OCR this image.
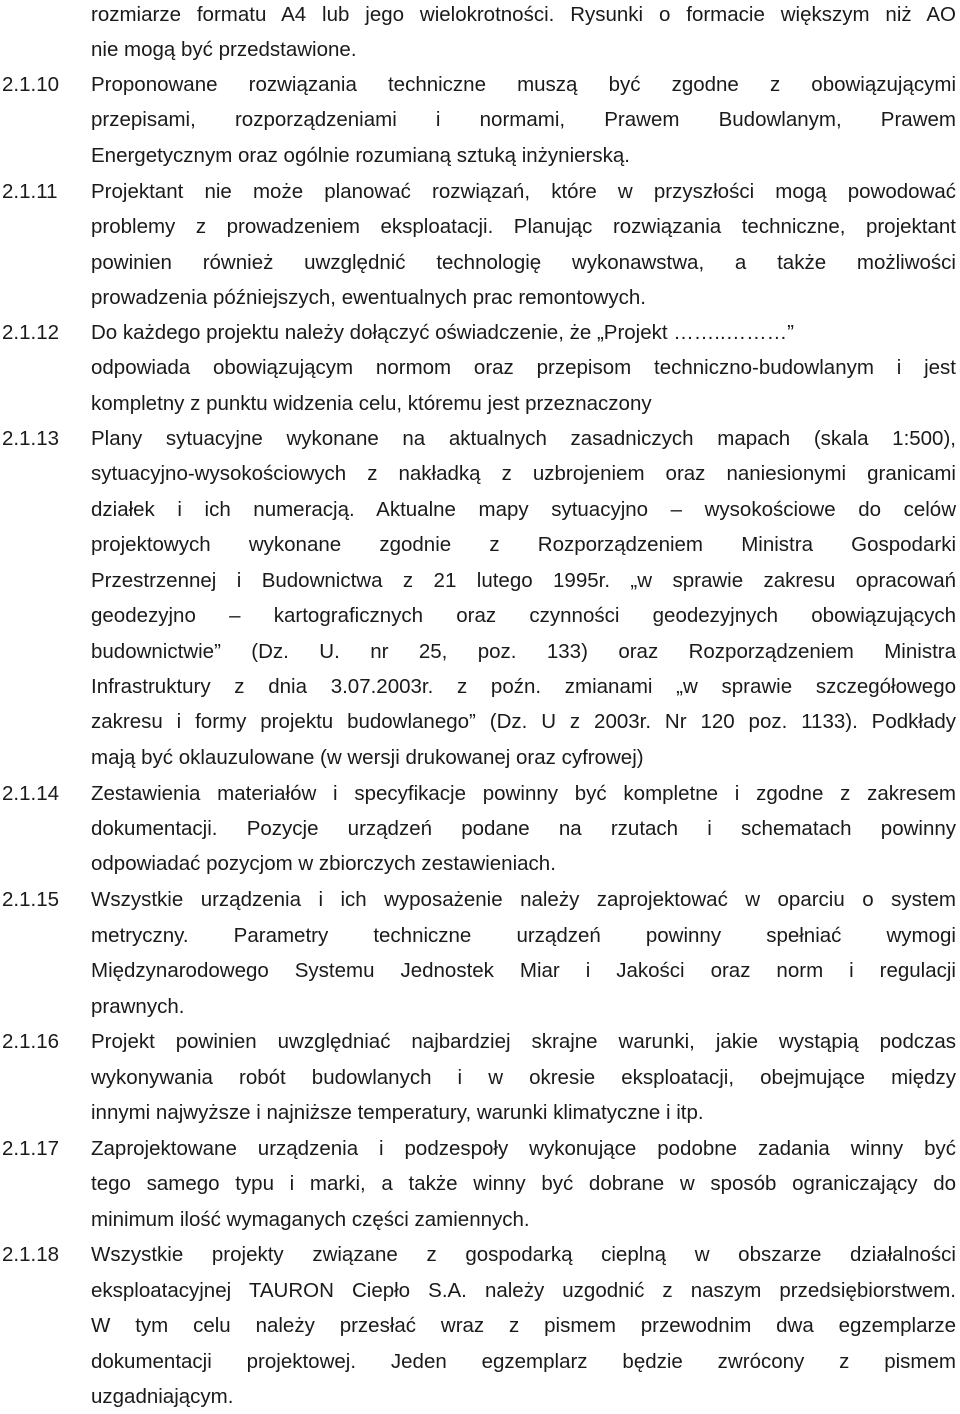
rozmiarze formatu A4 lub jego wielokrotności. Rysunki o formacie większym niż AO
nie mogą być przedstawione.
2.1.10 Proponowane rozwiązania techniczne muszą być zgodne z obowiązującymi
przepisami, rozporządzeniami i normami, Prawem Budowlanym, Prawem
Energetycznym oraz ogólnie rozumianą sztuką inżynierską.
2.1.11 Projektant nie może planować rozwiązań, które w przyszłości mogą powodować
problemy z prowadzeniem eksploatacji. Planując rozwiązania techniczne, projektant
powinien również uwzględnić technologię wykonawstwa, a także możliwości
prowadzenia późniejszych, ewentualnych prac remontowych.
2.1.12 Do każdego projektu należy dołączyć oświadczenie, że „Projekt ……..………”
odpowiada obowiązującym normom oraz przepisom techniczno-budowlanym i jest
kompletny z punktu widzenia celu, któremu jest przeznaczony
2.1.13 Plany sytuacyjne wykonane na aktualnych zasadniczych mapach (skala 1:500),
sytuacyjno-wysokościowych z nakładką z uzbrojeniem oraz naniesionymi granicami
działek i ich numeracją. Aktualne mapy sytuacyjno – wysokościowe do celów
projektowych wykonane zgodnie z Rozporządzeniem Ministra Gospodarki
Przestrzennej i Budownictwa z 21 lutego 1995r. „w sprawie zakresu opracowań
geodezyjno – kartograficznych oraz czynności geodezyjnych obowiązujących
budownictwie” (Dz. U. nr 25, poz. 133) oraz Rozporządzeniem Ministra
Infrastruktury z dnia 3.07.2003r. z poźn. zmianami „w sprawie szczegółowego
zakresu i formy projektu budowlanego” (Dz. U z 2003r. Nr 120 poz. 1133). Podkłady
mają być oklauzulowane (w wersji drukowanej oraz cyfrowej)
2.1.14 Zestawienia materiałów i specyfikacje powinny być kompletne i zgodne z zakresem
dokumentacji. Pozycje urządzeń podane na rzutach i schematach powinny
odpowiadać pozycjom w zbiorczych zestawieniach.
2.1.15 Wszystkie urządzenia i ich wyposażenie należy zaprojektować w oparciu o system
metryczny. Parametry techniczne urządzeń powinny spełniać wymogi
Międzynarodowego Systemu Jednostek Miar i Jakości oraz norm i regulacji
prawnych.
2.1.16 Projekt powinien uwzględniać najbardziej skrajne warunki, jakie wystąpią podczas
wykonywania robót budowlanych i w okresie eksploatacji, obejmujące między
innymi najwyższe i najniższe temperatury, warunki klimatyczne i itp.
2.1.17 Zaprojektowane urządzenia i podzespoły wykonujące podobne zadania winny być
tego samego typu i marki, a także winny być dobrane w sposób ograniczający do
minimum ilość wymaganych części zamiennych.
2.1.18 Wszystkie projekty związane z gospodarką cieplną w obszarze działalności
eksploatacyjnej TAURON Ciepło S.A. należy uzgodnić z naszym przedsiębiorstwem.
W tym celu należy przesłać wraz z pismem przewodnim dwa egzemplarze
dokumentacji projektowej. Jeden egzemplarz będzie zwrócony z pismem
uzgadniającym.
